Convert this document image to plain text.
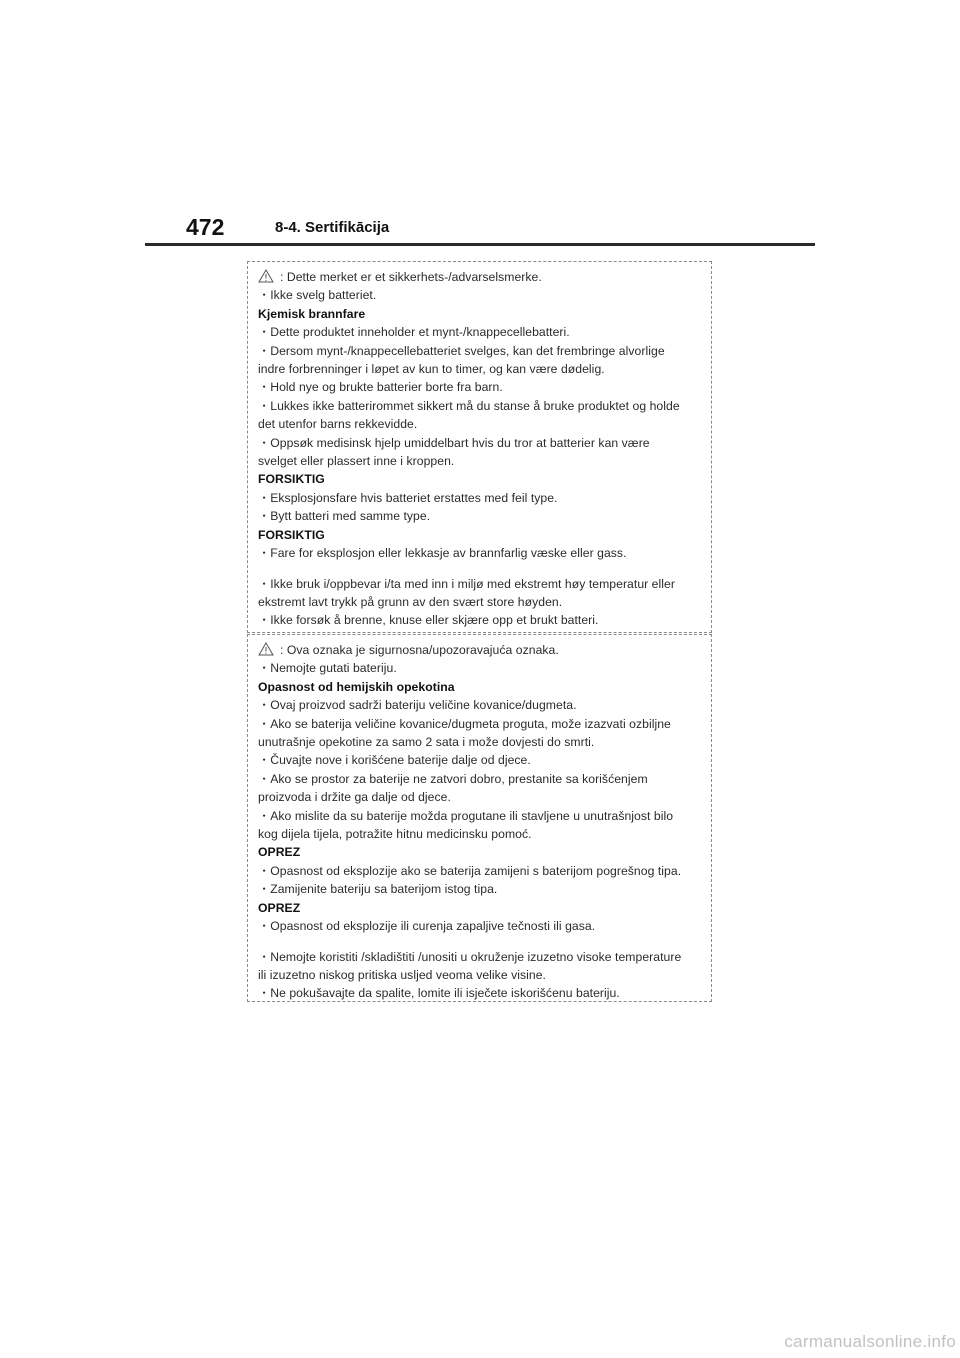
472	8-4. Sertifikācija
: Dette merket er et sikkerhets-/advarselsmerke.
・Ikke svelg batteriet.
Kjemisk brannfare
・Dette produktet inneholder et mynt-/knappecellebatteri.
・Dersom mynt-/knappecellebatteriet svelges, kan det frembringe alvorlige
indre forbrenninger i løpet av kun to timer, og kan være dødelig.
・Hold nye og brukte batterier borte fra barn.
・Lukkes ikke batterirommet sikkert må du stanse å bruke produktet og holde
det utenfor barns rekkevidde.
・Oppsøk medisinsk hjelp umiddelbart hvis du tror at batterier kan være
svelget eller plassert inne i kroppen.
FORSIKTIG
・Eksplosjonsfare hvis batteriet erstattes med feil type.
・Bytt batteri med samme type.
FORSIKTIG
・Fare for eksplosjon eller lekkasje av brannfarlig væske eller gass.
・Ikke bruk i/oppbevar i/ta med inn i miljø med ekstremt høy temperatur eller
ekstremt lavt trykk på grunn av den svært store høyden.
・Ikke forsøk å brenne, knuse eller skjære opp et brukt batteri.
: Ova oznaka je sigurnosna/upozoravajuća oznaka.
・Nemojte gutati bateriju.
Opasnost od hemijskih opekotina
・Ovaj proizvod sadrži bateriju veličine kovanice/dugmeta.
・Ako se baterija veličine kovanice/dugmeta proguta, može izazvati ozbiljne
unutrašnje opekotine za samo 2 sata i može dovjesti do smrti.
・Čuvajte nove i korišćene baterije dalje od djece.
・Ako se prostor za baterije ne zatvori dobro, prestanite sa korišćenjem
proizvoda i držite ga dalje od djece.
・Ako mislite da su baterije možda progutane ili stavljene u unutrašnjost bilo
kog dijela tijela, potražite hitnu medicinsku pomoć.
OPREZ
・Opasnost od eksplozije ako se baterija zamijeni s baterijom pogrešnog tipa.
・Zamijenite bateriju sa baterijom istog tipa.
OPREZ
・Opasnost od eksplozije ili curenja zapaljive tečnosti ili gasa.
・Nemojte koristiti /skladištiti /unositi u okruženje izuzetno visoke temperature
ili izuzetno niskog pritiska usljed veoma velike visine.
・Ne pokušavajte da spalite, lomite ili isječete iskorišćenu bateriju.
carmanualsonline.info
